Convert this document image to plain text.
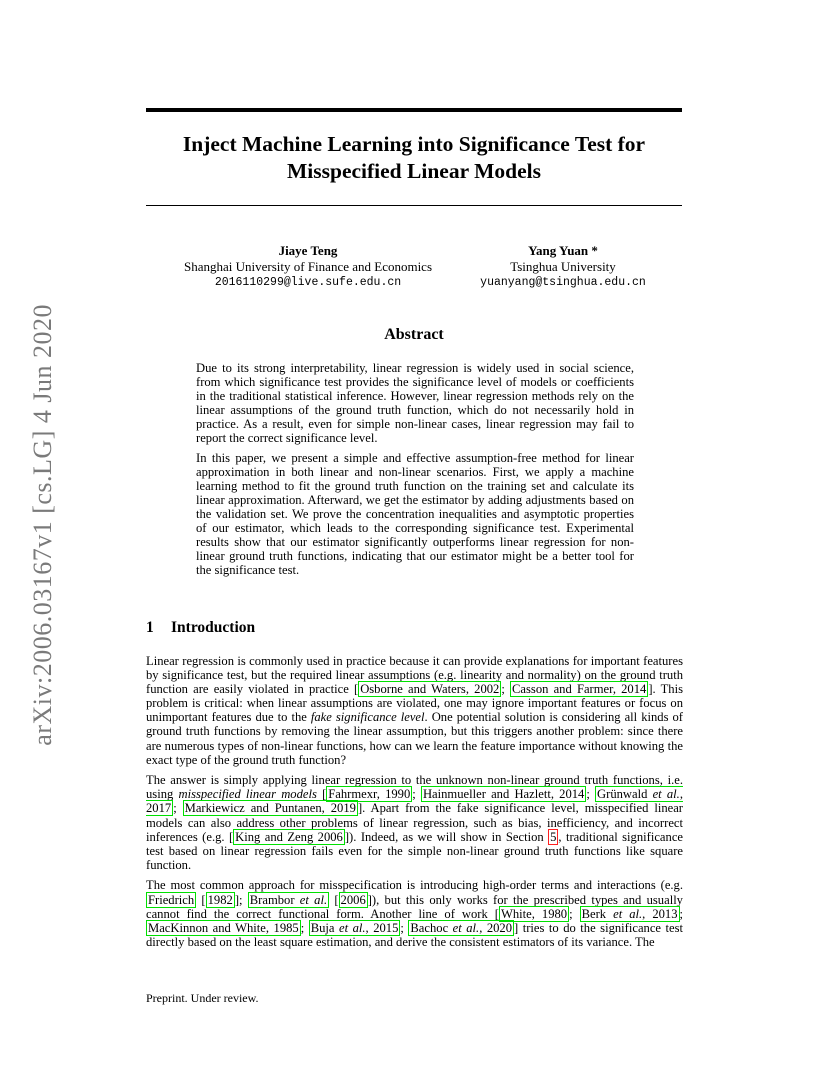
arXiv:2006.03167v1 [cs.LG] 4 Jun 2020
Inject Machine Learning into Significance Test for Misspecified Linear Models
Jiaye Teng
Shanghai University of Finance and Economics
2016110299@live.sufe.edu.cn
Yang Yuan *
Tsinghua University
yuanyang@tsinghua.edu.cn
Abstract

Due to its strong interpretability, linear regression is widely used in social science, from which significance test provides the significance level of models or coefficients in the traditional statistical inference. However, linear regression methods rely on the linear assumptions of the ground truth function, which do not necessarily hold in practice. As a result, even for simple non-linear cases, linear regression may fail to report the correct significance level.

In this paper, we present a simple and effective assumption-free method for linear approximation in both linear and non-linear scenarios. First, we apply a machine learning method to fit the ground truth function on the training set and calculate its linear approximation. Afterward, we get the estimator by adding adjustments based on the validation set. We prove the concentration inequalities and asymptotic properties of our estimator, which leads to the corresponding significance test. Experimental results show that our estimator significantly outperforms linear regression for non-linear ground truth functions, indicating that our estimator might be a better tool for the significance test.

1 Introduction

Linear regression is commonly used in practice because it can provide explanations for important features by significance test, but the required linear assumptions (e.g. linearity and normality) on the ground truth function are easily violated in practice [ Osborne and Waters, 2002 ; Casson and Farmer, 2014 ]. This problem is critical: when linear assumptions are violated, one may ignore important features or focus on unimportant features due to the fake significance level. One potential solution is considering all kinds of ground truth functions by removing the linear assumption, but this triggers another problem: since there are numerous types of non-linear functions, how can we learn the feature importance without knowing the exact type of the ground truth function?

The answer is simply applying linear regression to the unknown non-linear ground truth functions, i.e. using misspecified linear models [ Fahrmexr, 1990 ; Hainmueller and Hazlett, 2014 ; Grünwald et al., 2017 ; Markiewicz and Puntanen, 2019 ]. Apart from the fake significance level, misspecified linear models can also address other problems of linear regression, such as bias, inefficiency, and incorrect inferences (e.g. [ King and Zeng 2006 ]). Indeed, as we will show in Section 5 , traditional significance test based on linear regression fails even for the simple non-linear ground truth functions like square function.

The most common approach for misspecification is introducing high-order terms and interactions (e.g. Friedrich [ 1982 ]; Brambor et al. [ 2006 ]), but this only works for the prescribed types and usually cannot find the correct functional form. Another line of work [ White, 1980 ; Berk et al., 2013 ; MacKinnon and White, 1985 ; Buja et al., 2015 ; Bachoc et al., 2020 ] tries to do the significance test directly based on the least square estimation, and derive the consistent estimators of its variance. The

Preprint. Under review.
